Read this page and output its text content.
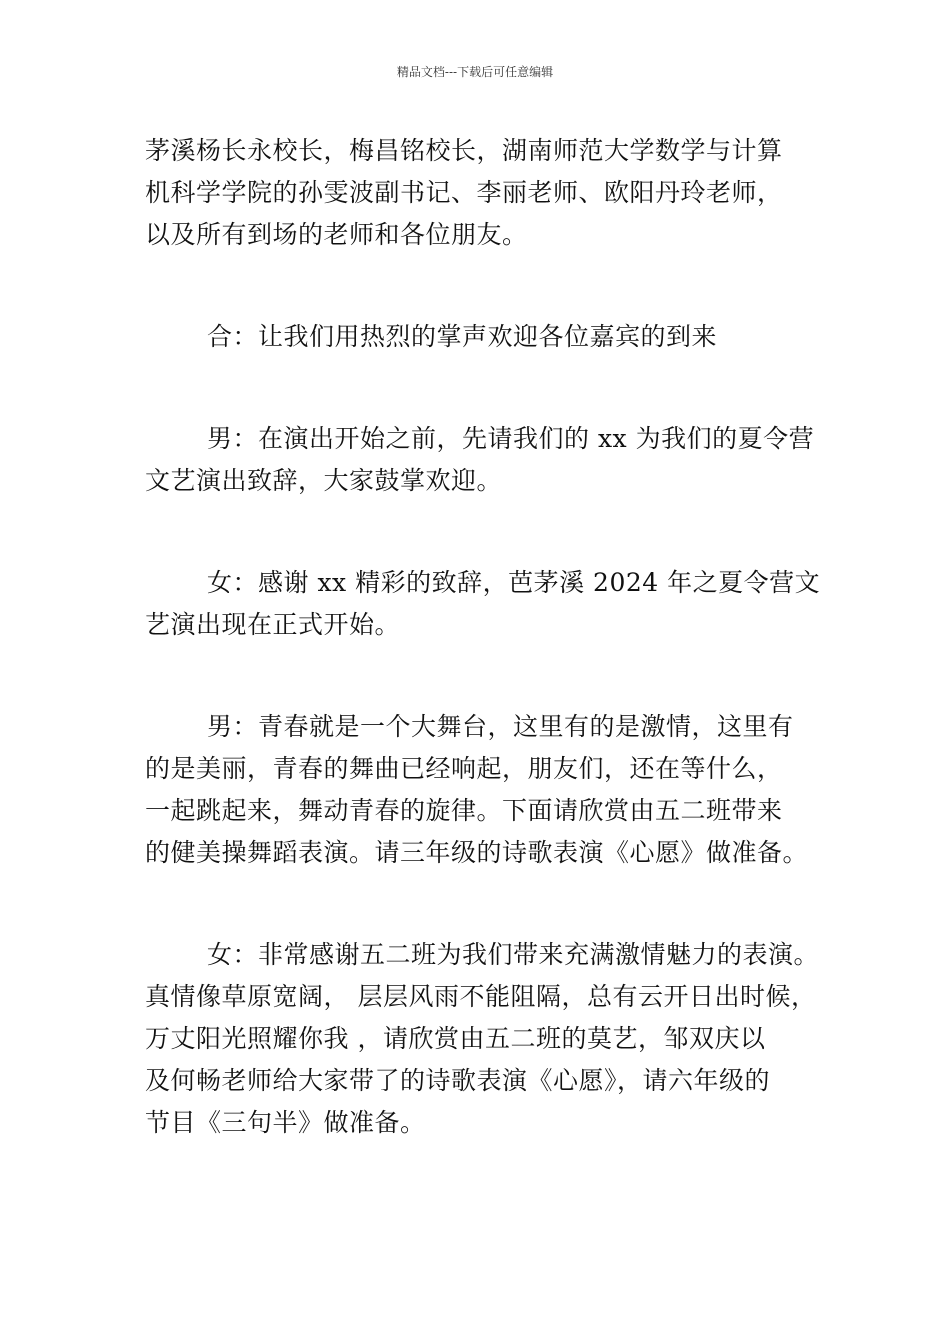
精品文档---下载后可任意编辑
茅溪杨长永校长，梅昌铭校长，湖南师范大学数学与计算
机科学学院的孙雯波副书记、李丽老师、欧阳丹玲老师，
以及所有到场的老师和各位朋友。
合：让我们用热烈的掌声欢迎各位嘉宾的到来
男：在演出开始之前，先请我们的 xx 为我们的夏令营
文艺演出致辞，大家鼓掌欢迎。
女：感谢 xx 精彩的致辞，芭茅溪 2024 年之夏令营文
艺演出现在正式开始。
男：青春就是一个大舞台，这里有的是激情，这里有
的是美丽，青春的舞曲已经响起，朋友们，还在等什么，
一起跳起来，舞动青春的旋律。下面请欣赏由五二班带来
的健美操舞蹈表演。请三年级的诗歌表演《心愿》做准备。
女：非常感谢五二班为我们带来充满激情魅力的表演。
真情像草原宽阔， 层层风雨不能阻隔，总有云开日出时候，
万丈阳光照耀你我 ，请欣赏由五二班的莫艺，邹双庆以
及何畅老师给大家带了的诗歌表演《心愿》，请六年级的
节目《三句半》做准备。
